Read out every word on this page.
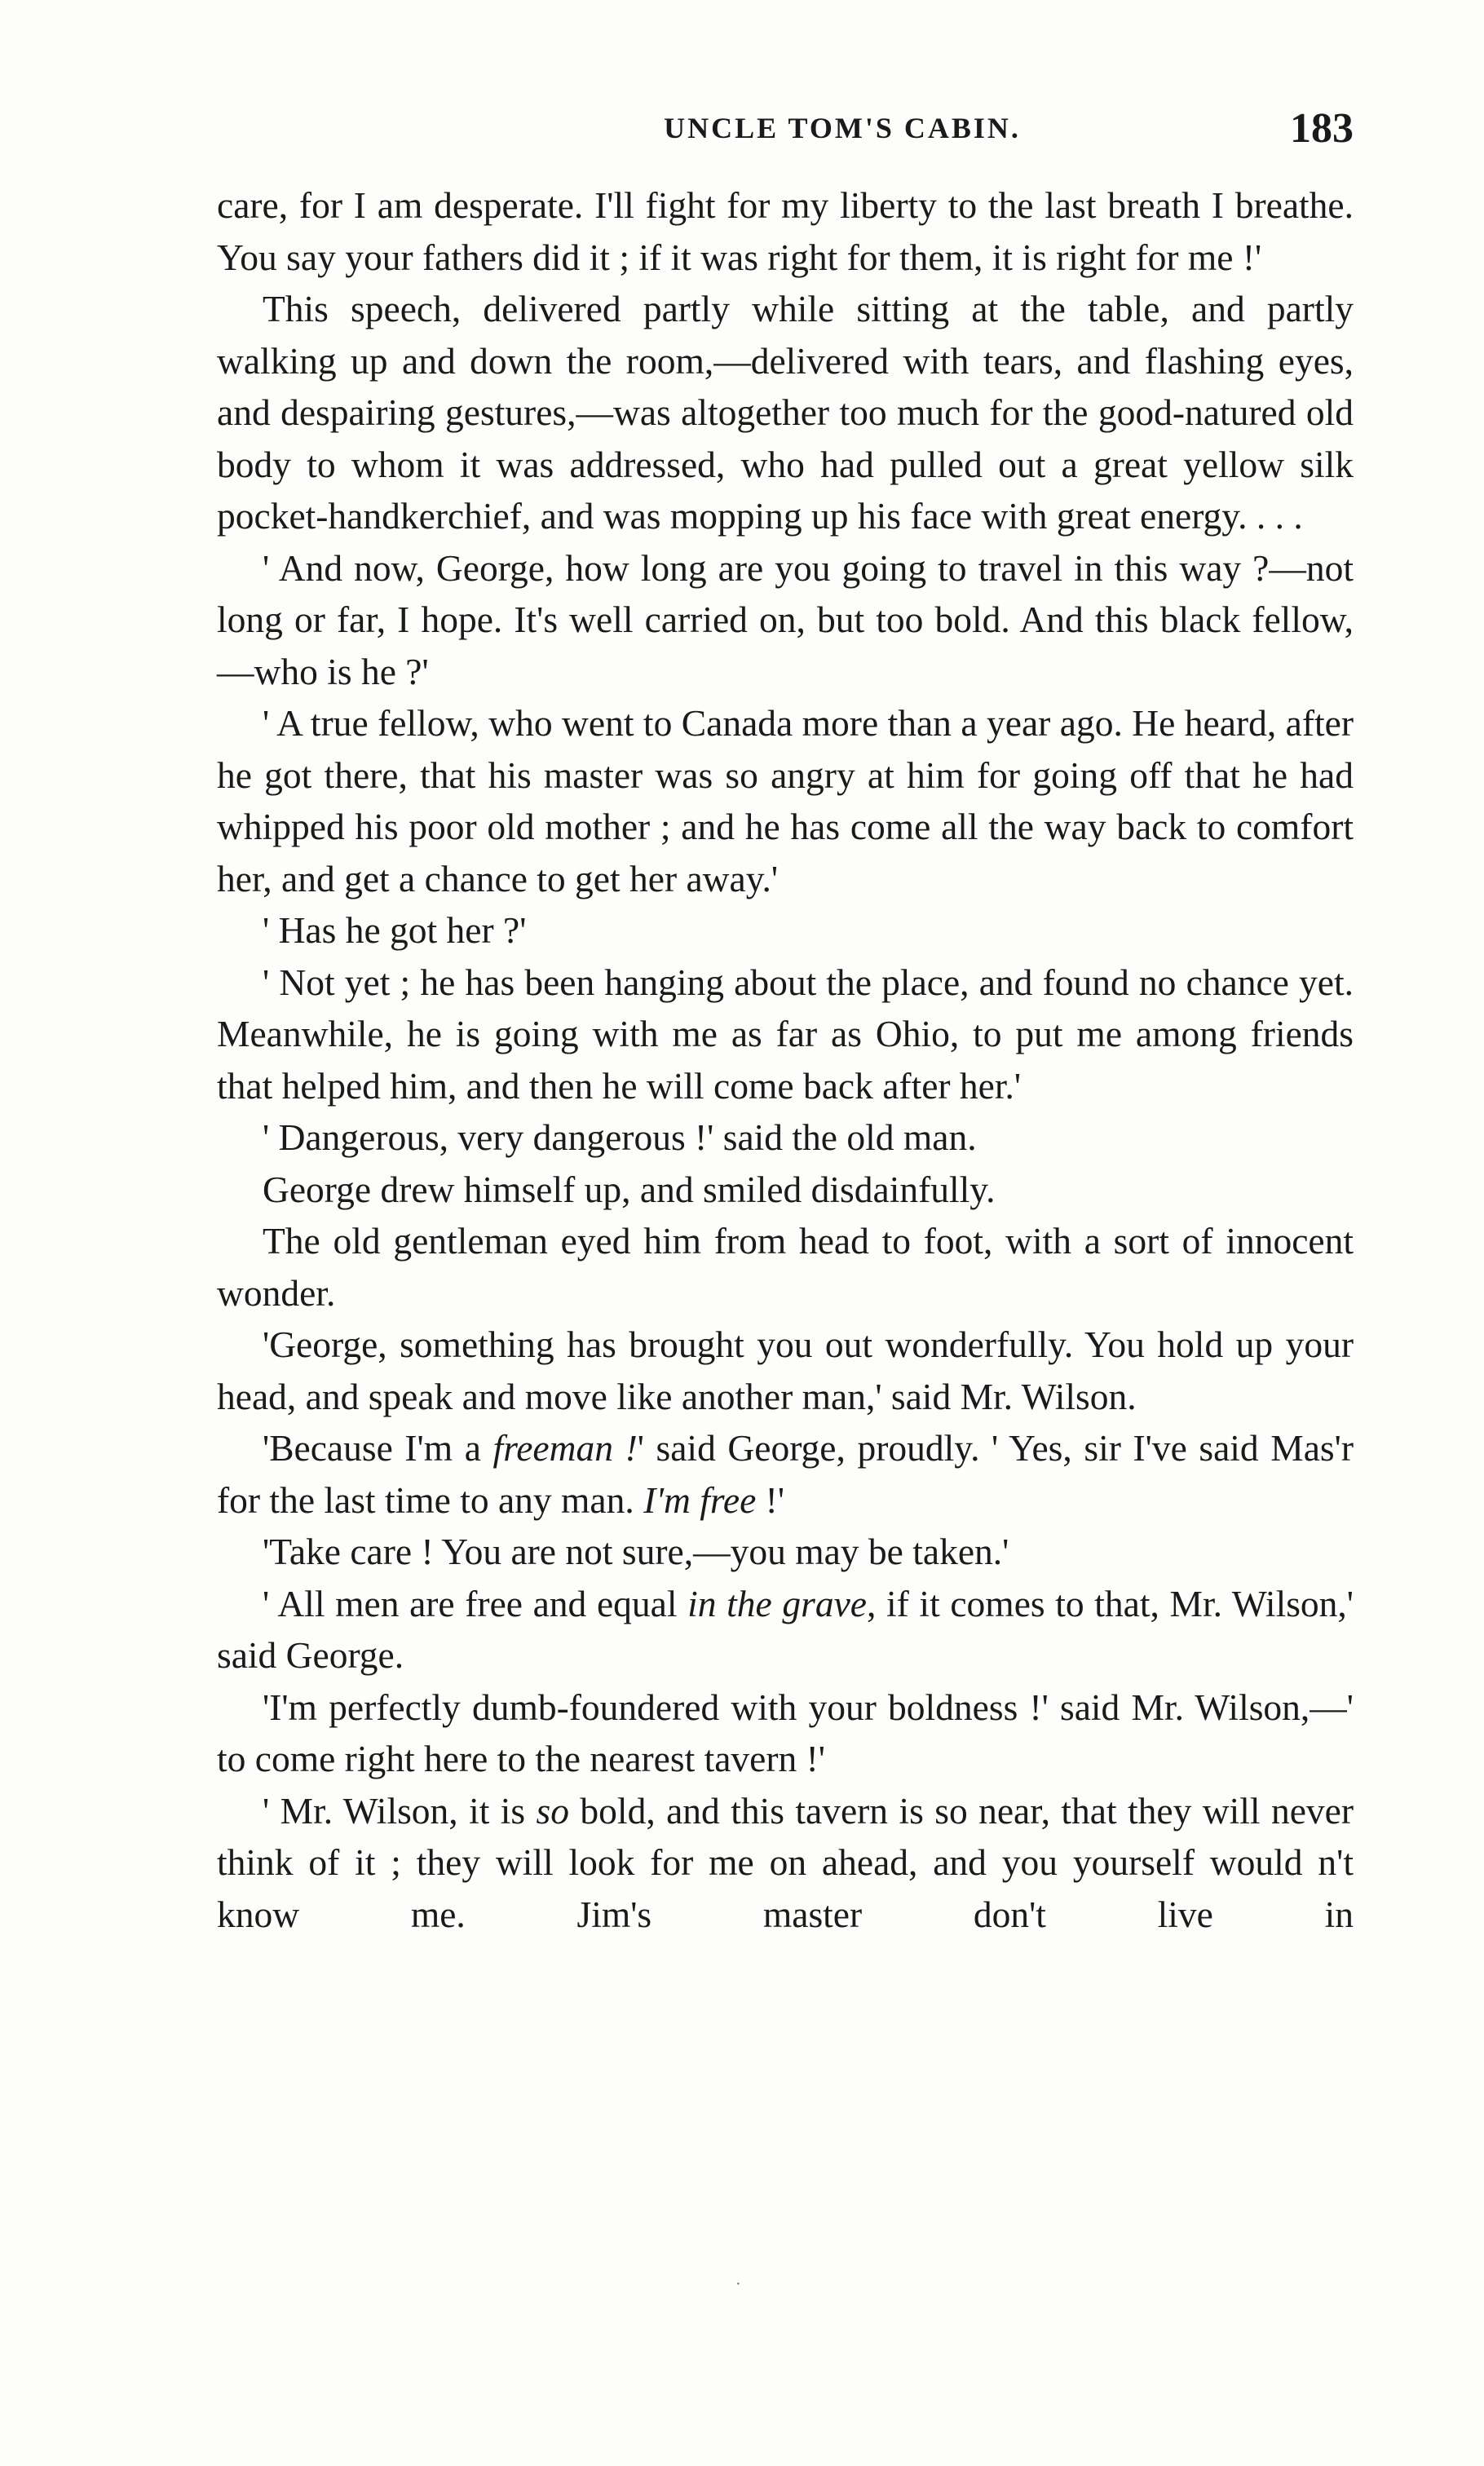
UNCLE TOM'S CABIN.	183

care, for I am desperate. I'll fight for my liberty to the last breath I breathe. You say your fathers did it ; if it was right for them, it is right for me !'

This speech, delivered partly while sitting at the table, and partly walking up and down the room,—delivered with tears, and flashing eyes, and despairing gestures,—was altogether too much for the good-natured old body to whom it was addressed, who had pulled out a great yellow silk pocket-handkerchief, and was mopping up his face with great energy. . . .

' And now, George, how long are you going to travel in this way ?—not long or far, I hope. It's well carried on, but too bold. And this black fellow,—who is he ?'

' A true fellow, who went to Canada more than a year ago. He heard, after he got there, that his master was so angry at him for going off that he had whipped his poor old mother ; and he has come all the way back to comfort her, and get a chance to get her away.'

' Has he got her ?'

' Not yet ; he has been hanging about the place, and found no chance yet. Meanwhile, he is going with me as far as Ohio, to put me among friends that helped him, and then he will come back after her.'

' Dangerous, very dangerous !' said the old man.

George drew himself up, and smiled disdainfully.

The old gentleman eyed him from head to foot, with a sort of innocent wonder.

'George, something has brought you out wonderfully. You hold up your head, and speak and move like another man,' said Mr. Wilson.

'Because I'm a freeman !' said George, proudly. ' Yes, sir I've said Mas'r for the last time to any man. I'm free !'

'Take care ! You are not sure,—you may be taken.'

' All men are free and equal in the grave, if it comes to that, Mr. Wilson,' said George.

'I'm perfectly dumb-foundered with your boldness !' said Mr. Wilson,—' to come right here to the nearest tavern !'

' Mr. Wilson, it is so bold, and this tavern is so near, that they will never think of it ; they will look for me on ahead, and you yourself would n't know me. Jim's master don't live in

·
